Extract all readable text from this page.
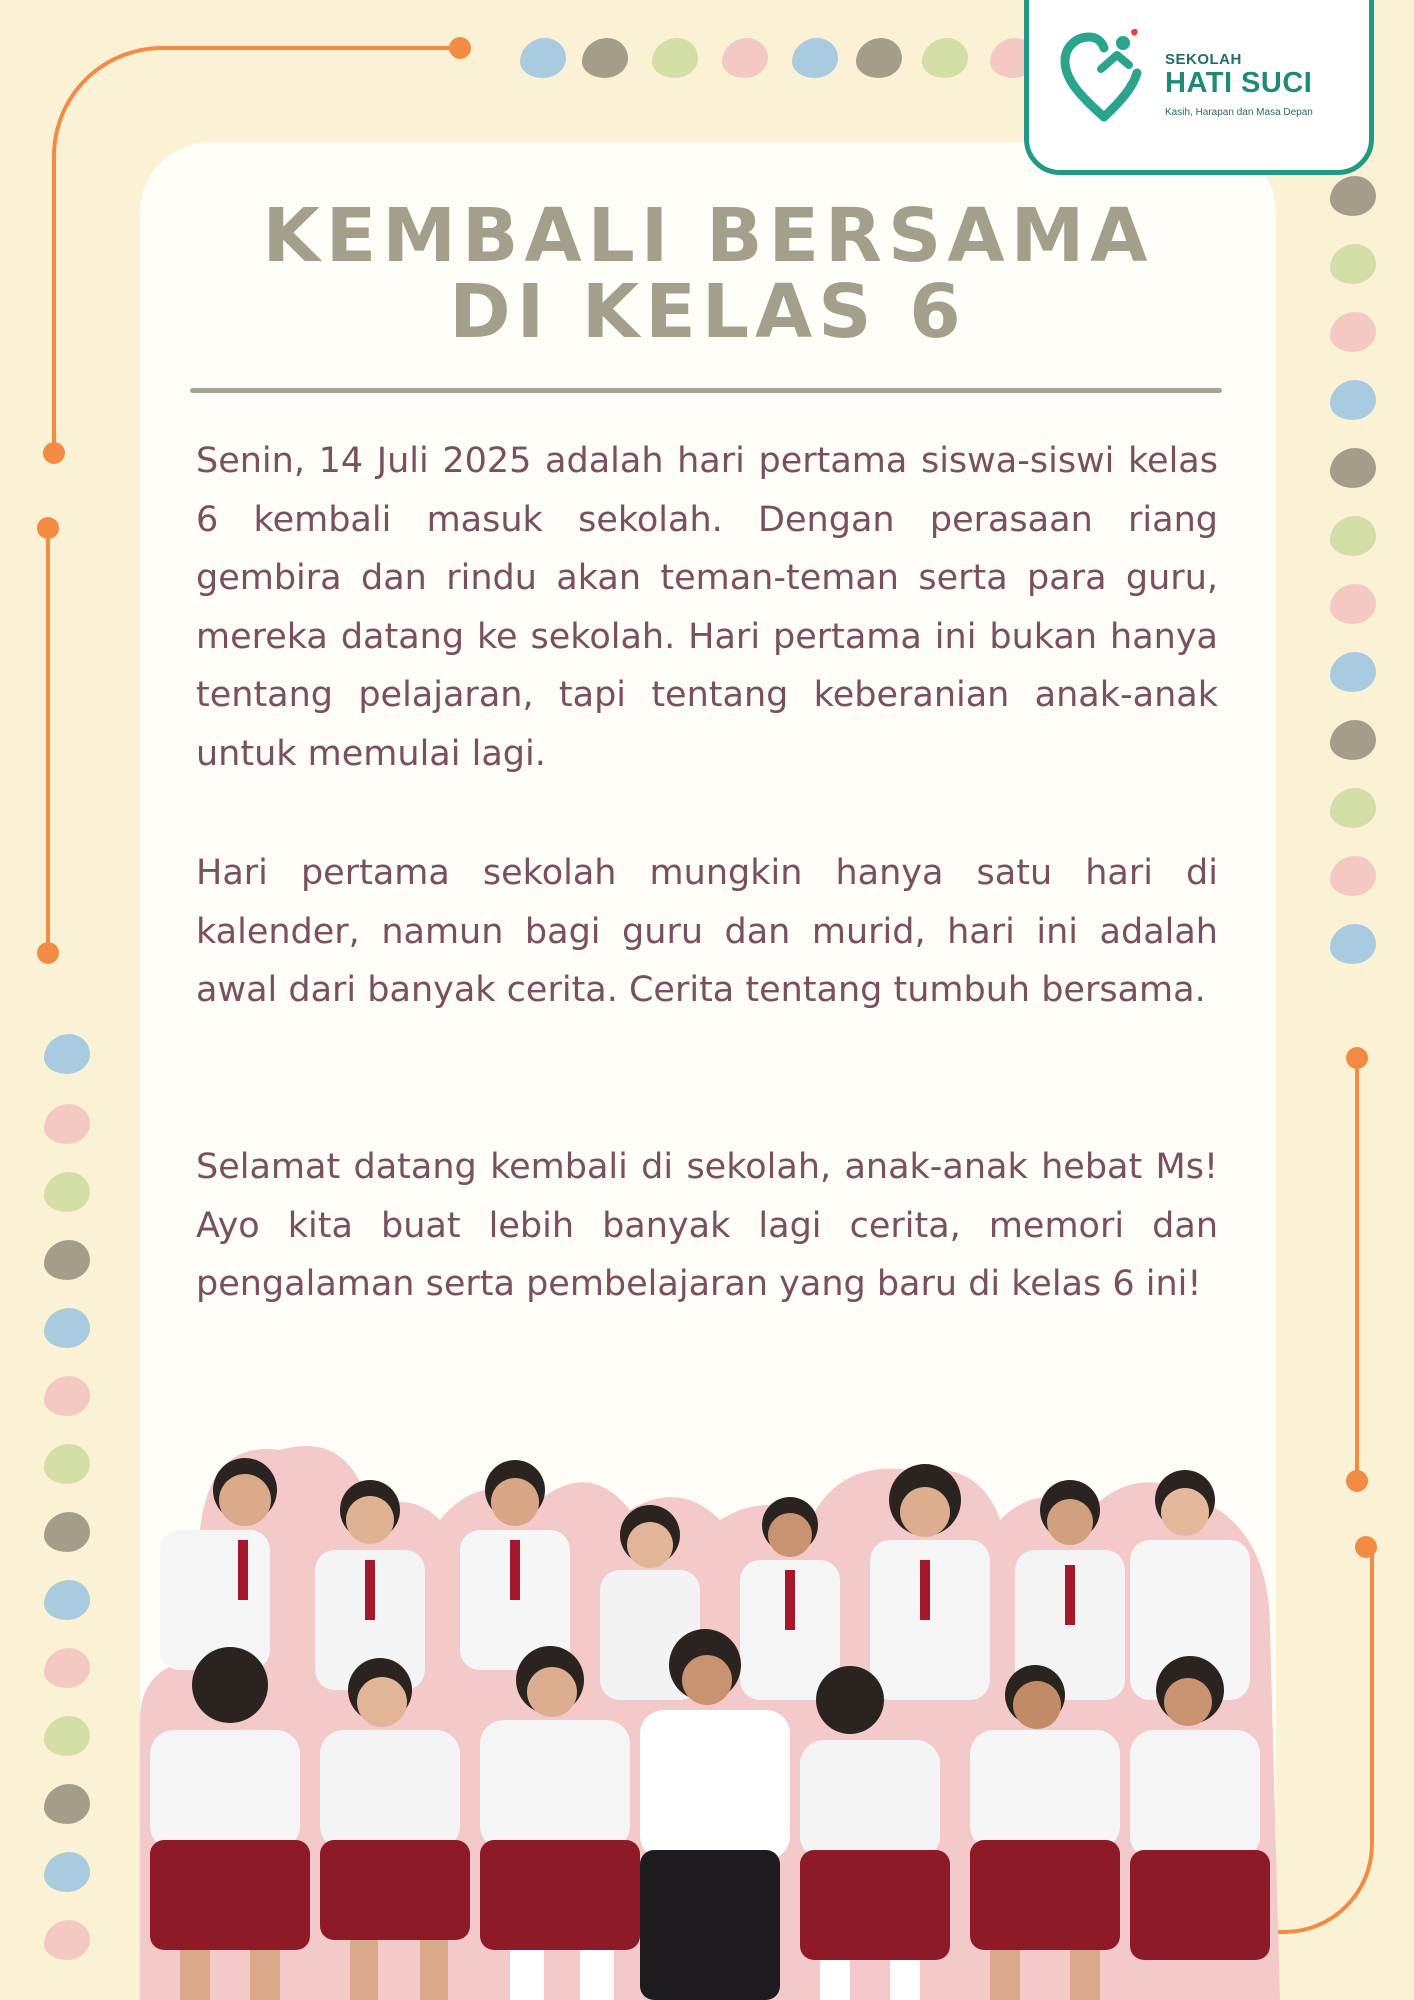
SEKOLAH
HATI SUCI
Kasih, Harapan dan Masa Depan
KEMBALI BERSAMA
DI KELAS 6
Senin, 14 Juli 2025 adalah hari pertama siswa-siswi kelas 6 kembali masuk sekolah. Dengan perasaan riang gembira dan rindu akan teman-teman serta para guru, mereka datang ke sekolah. Hari pertama ini bukan hanya tentang pelajaran, tapi tentang keberanian anak-anak untuk memulai lagi.
Hari pertama sekolah mungkin hanya satu hari di kalender, namun bagi guru dan murid, hari ini adalah awal dari banyak cerita. Cerita tentang tumbuh bersama.
Selamat datang kembali di sekolah, anak-anak hebat Ms! Ayo kita buat lebih banyak lagi cerita, memori dan pengalaman serta pembelajaran yang baru di kelas 6 ini!
